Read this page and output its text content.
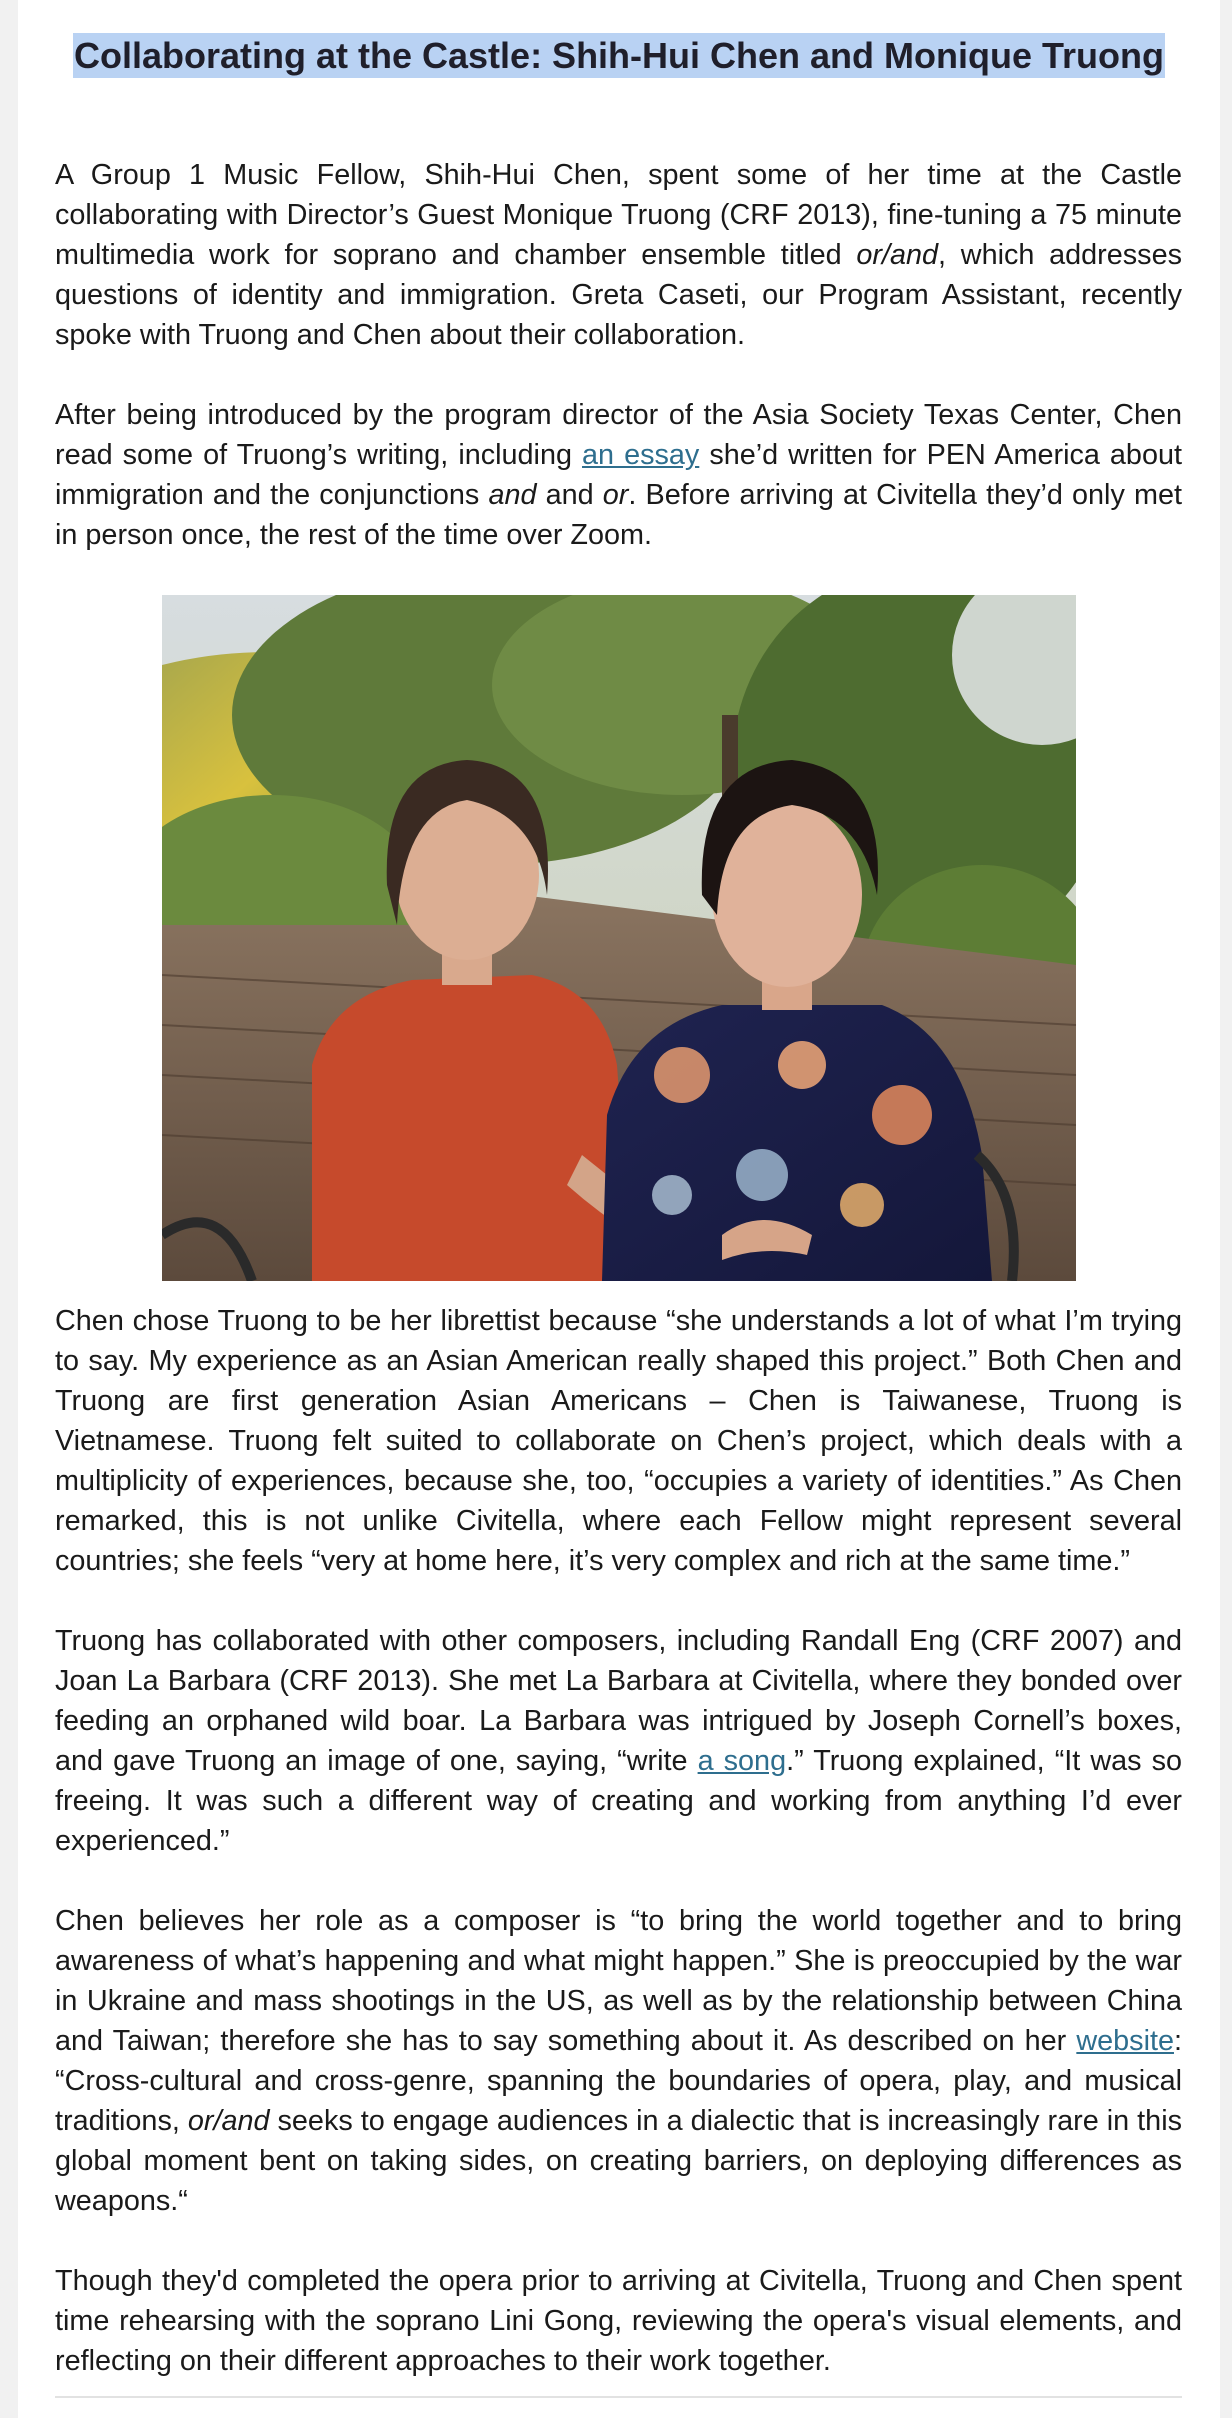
Collaborating at the Castle: Shih-Hui Chen and Monique Truong

A Group 1 Music Fellow, Shih-Hui Chen, spent some of her time at the Castle collaborating with Director’s Guest Monique Truong (CRF 2013), fine-tuning a 75 minute multimedia work for soprano and chamber ensemble titled or/and, which addresses questions of identity and immigration. Greta Caseti, our Program Assistant, recently spoke with Truong and Chen about their collaboration.

After being introduced by the program director of the Asia Society Texas Center, Chen read some of Truong’s writing, including an essay she’d written for PEN America about immigration and the conjunctions and and or. Before arriving at Civitella they’d only met in person once, the rest of the time over Zoom.

Chen chose Truong to be her librettist because “she understands a lot of what I’m trying to say. My experience as an Asian American really shaped this project.” Both Chen and Truong are first generation Asian Americans – Chen is Taiwanese, Truong is Vietnamese. Truong felt suited to collaborate on Chen’s project, which deals with a multiplicity of experiences, because she, too, “occupies a variety of identities.” As Chen remarked, this is not unlike Civitella, where each Fellow might represent several countries; she feels “very at home here, it’s very complex and rich at the same time.”

Truong has collaborated with other composers, including Randall Eng (CRF 2007) and Joan La Barbara (CRF 2013). She met La Barbara at Civitella, where they bonded over feeding an orphaned wild boar. La Barbara was intrigued by Joseph Cornell’s boxes, and gave Truong an image of one, saying, “write a song.” Truong explained, “It was so freeing. It was such a different way of creating and working from anything I’d ever experienced.”

Chen believes her role as a composer is “to bring the world together and to bring awareness of what’s happening and what might happen.” She is preoccupied by the war in Ukraine and mass shootings in the US, as well as by the relationship between China and Taiwan; therefore she has to say something about it. As described on her website: “Cross-cultural and cross-genre, spanning the boundaries of opera, play, and musical traditions, or/and seeks to engage audiences in a dialectic that is increasingly rare in this global moment bent on taking sides, on creating barriers, on deploying differences as weapons.“

Though they'd completed the opera prior to arriving at Civitella, Truong and Chen spent time rehearsing with the soprano Lini Gong, reviewing the opera's visual elements, and reflecting on their different approaches to their work together.
